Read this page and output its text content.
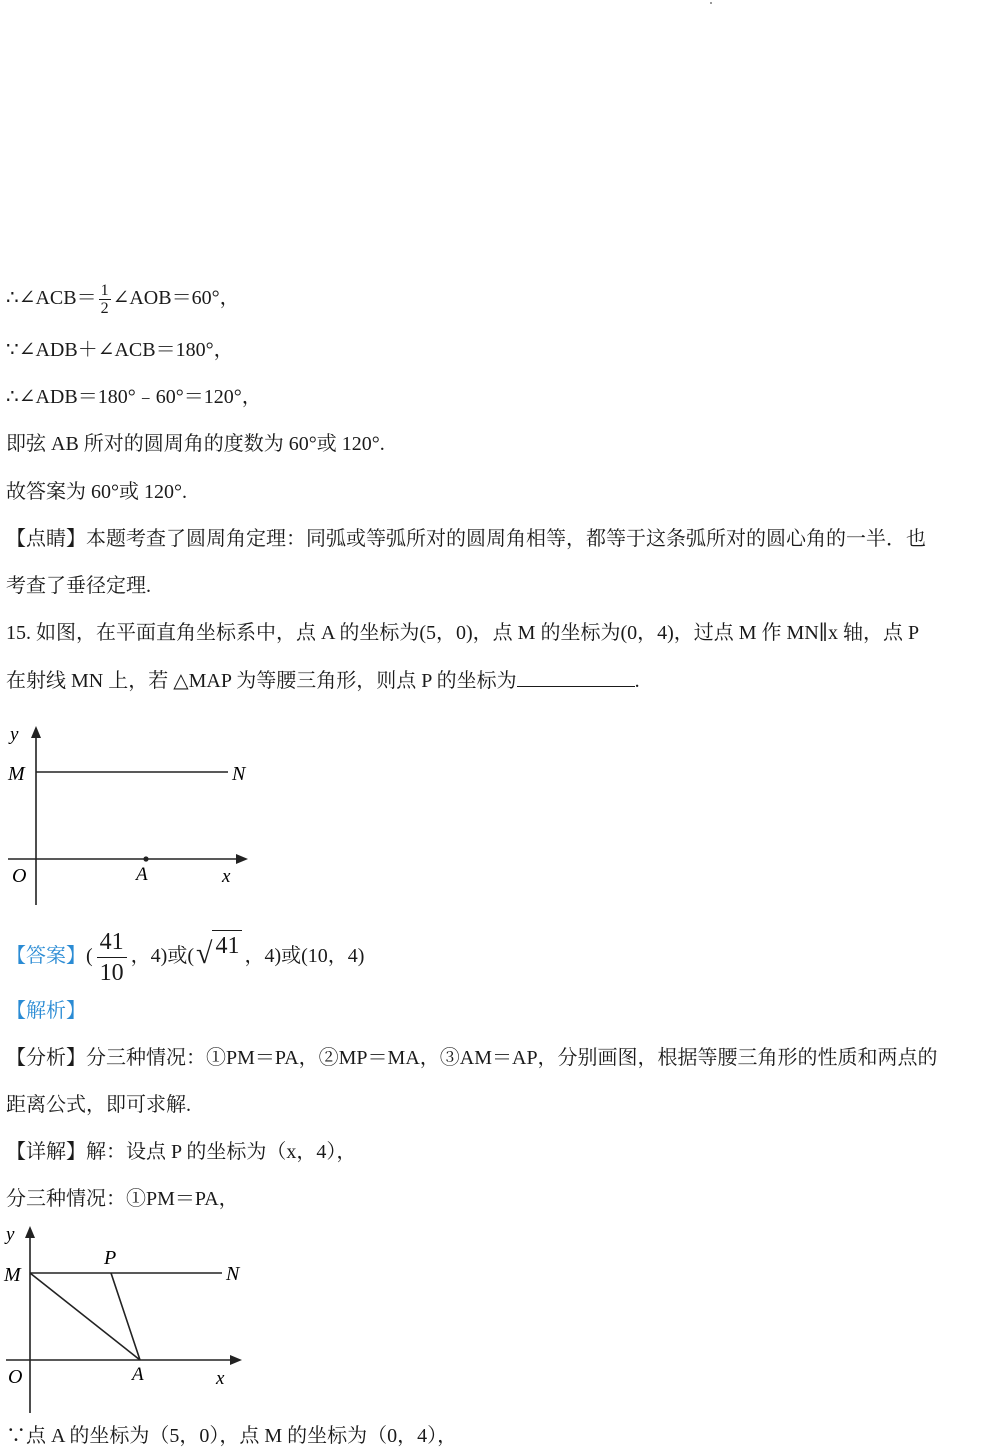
∴∠ACB＝ $\frac{1}{2}$ ∠AOB＝60°，
∵∠ADB＋∠ACB＝180°，
∴∠ADB＝180°﹣60°＝120°，
即弦 AB 所对的圆周角的度数为 60°或 120°.
故答案为 60°或 120°.
【点睛】本题考查了圆周角定理：同弧或等弧所对的圆周角相等，都等于这条弧所对的圆心角的一半．也
考查了垂径定理.
15. 如图，在平面直角坐标系中，点 A 的坐标为(5，0)，点 M 的坐标为(0，4)，过点 M 作 MN∥x 轴，点 P
在射线 MN 上，若 △MAP 为等腰三角形，则点 P 的坐标为	.
y
M	N
O	A	x
【答案】( $\frac{41}{10}$ ，4)或(√ 41 ，4)或(10，4)
【解析】
【分析】分三种情况：①PM＝PA，②MP＝MA，③AM＝AP，分别画图，根据等腰三角形的性质和两点的
距离公式，即可求解.
【详解】解：设点 P 的坐标为（x，4），
分三种情况：①PM＝PA，
y
M
P
N
O	A	x
∵点 A 的坐标为（5，0），点 M 的坐标为（0，4），
